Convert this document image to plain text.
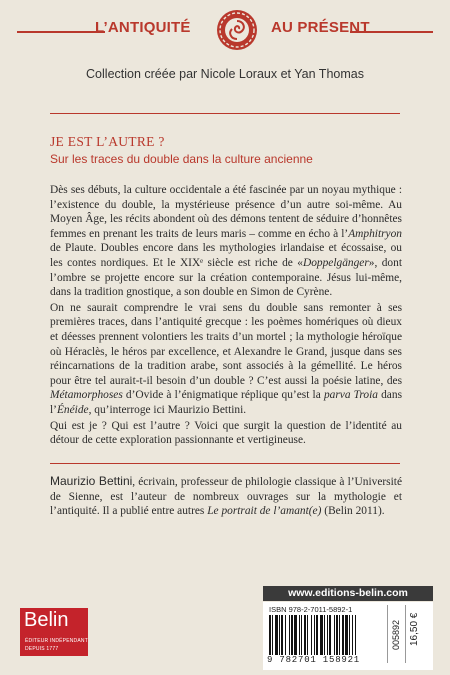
L’ANTIQUITÉ	AU PRÉSENT
Collection créée par Nicole Loraux et Yan Thomas
JE EST L’AUTRE ?
Sur les traces du double dans la culture ancienne

Dès ses débuts, la culture occidentale a été fascinée par un noyau mythique : l’existence du double, la mystérieuse présence d’un autre soi-même. Au Moyen Âge, les récits abondent où des démons tentent de séduire d’honnêtes femmes en prenant les traits de leurs maris – comme en écho à l’Amphitryon de Plaute. Doubles encore dans les mythologies irlandaise et écossaise, ou les contes nordiques. Et le XIXᵉ siècle est riche de «Doppelgänger», dont l’ombre se projette encore sur la création contemporaine. Jésus lui-même, dans la tradition gnostique, a son double en Simon de Cyrène.

On ne saurait comprendre le vrai sens du double sans remonter à ses premières traces, dans l’antiquité grecque : les poèmes homériques où dieux et déesses prennent volontiers les traits d’un mortel ; la mythologie héroïque où Héraclès, le héros par excellence, et Alexandre le Grand, jusque dans ses réincarnations de la tradition arabe, sont associés à la gémellité. Le héros pour être tel aurait-t-il besoin d’un double ? C’est aussi la poésie latine, des Métamorphoses d’Ovide à l’énigmatique réplique qu’est la parva Troia dans l’Énéide, qu’interroge ici Maurizio Bettini.

Qui est je ? Qui est l’autre ? Voici que surgit la question de l’identité au détour de cette exploration passionnante et vertigineuse.

Maurizio Bettini, écrivain, professeur de philologie classique à l’Université de Sienne, est l’auteur de nombreux ouvrages sur la mythologie et l’antiquité. Il a publié entre autres Le portrait de l’amant(e) (Belin 2011).
Belin
ÉDITEUR INDÉPENDANT
DEPUIS 1777
www.editions-belin.com
ISBN 978-2-7011-5892-1
9 782701 158921
005892 16,50 €
